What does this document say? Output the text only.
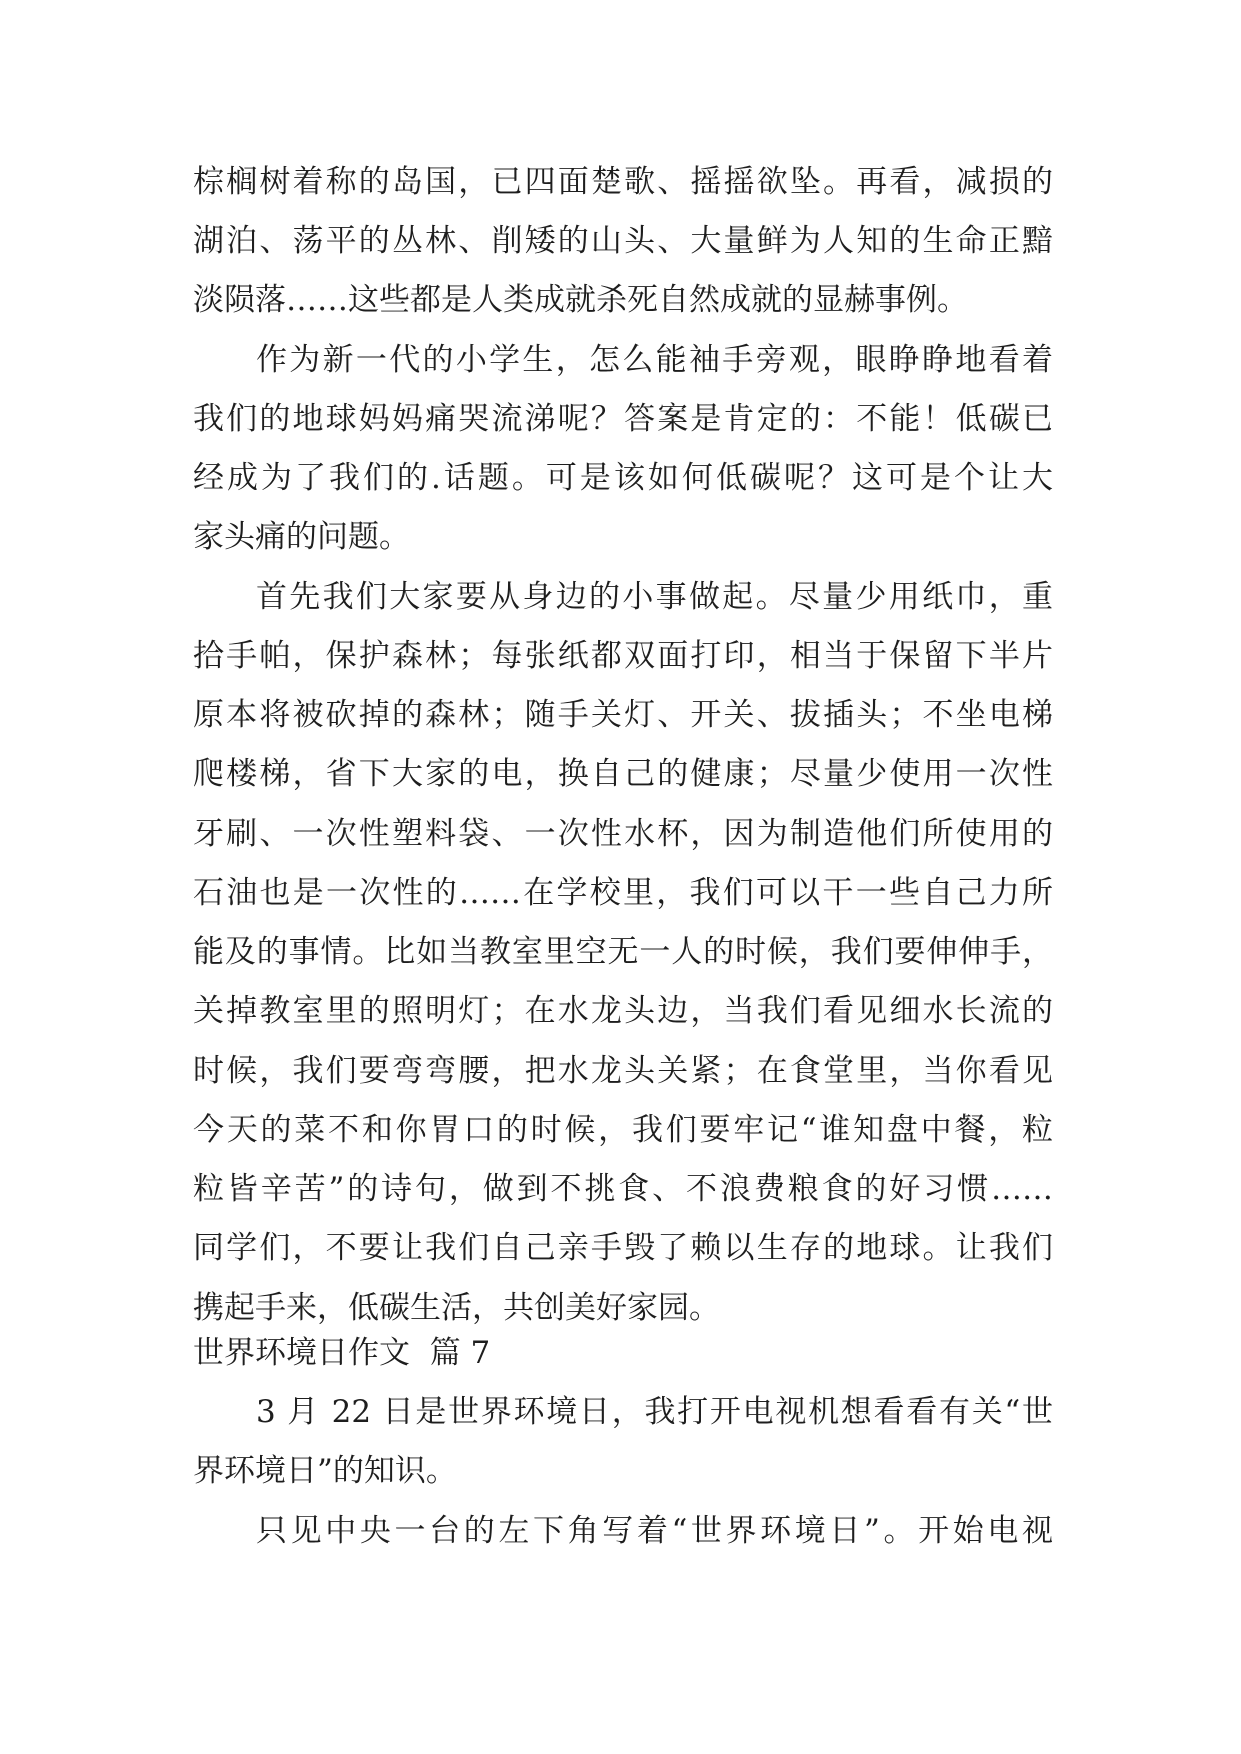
棕榈树着称的岛国，已四面楚歌、摇摇欲坠。再看，减损的
湖泊、荡平的丛林、削矮的山头、大量鲜为人知的生命正黯
淡陨落……这些都是人类成就杀死自然成就的显赫事例。
作为新一代的小学生，怎么能袖手旁观，眼睁睁地看着
我们的地球妈妈痛哭流涕呢？答案是肯定的：不能！低碳已
经成为了我们的.话题。可是该如何低碳呢？这可是个让大
家头痛的问题。
首先我们大家要从身边的小事做起。尽量少用纸巾，重
拾手帕，保护森林；每张纸都双面打印，相当于保留下半片
原本将被砍掉的森林；随手关灯、开关、拔插头；不坐电梯
爬楼梯，省下大家的电，换自己的健康；尽量少使用一次性
牙刷、一次性塑料袋、一次性水杯，因为制造他们所使用的
石油也是一次性的……在学校里，我们可以干一些自己力所
能及的事情。比如当教室里空无一人的时候，我们要伸伸手，
关掉教室里的照明灯；在水龙头边，当我们看见细水长流的
时候，我们要弯弯腰，把水龙头关紧；在食堂里，当你看见
今天的菜不和你胃口的时候，我们要牢记“谁知盘中餐，粒
粒皆辛苦”的诗句，做到不挑食、不浪费粮食的好习惯……
同学们，不要让我们自己亲手毁了赖以生存的地球。让我们
携起手来，低碳生活，共创美好家园。
世界环境日作文  篇 7
3 月 22 日是世界环境日，我打开电视机想看看有关“世
界环境日”的知识。
只见中央一台的左下角写着“世界环境日”。开始电视
